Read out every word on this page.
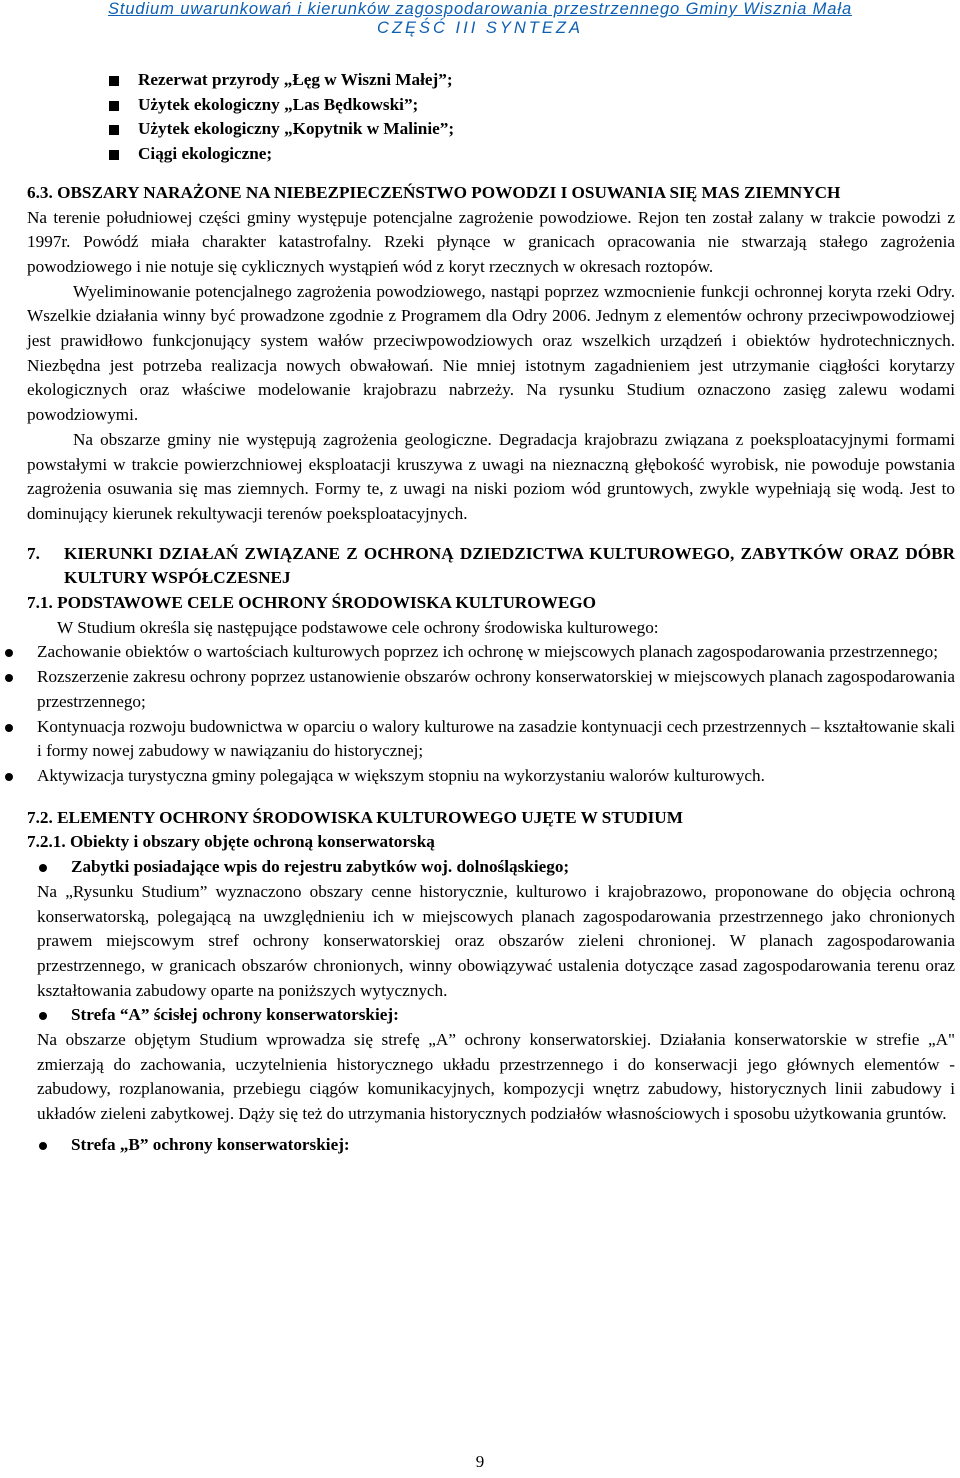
Studium uwarunkowań i kierunków zagospodarowania przestrzennego Gminy Wisznia Mała
CZĘŚĆ III SYNTEZA
Rezerwat przyrody „Łęg w Wiszni Małej”;
Użytek ekologiczny „Las Będkowski”;
Użytek ekologiczny „Kopytnik w Malinie”;
Ciągi ekologiczne;

6.3. OBSZARY NARAŻONE NA NIEBEZPIECZEŃSTWO POWODZI I OSUWANIA SIĘ MAS ZIEMNYCH

Na terenie południowej części gminy występuje potencjalne zagrożenie powodziowe. Rejon ten został zalany w trakcie powodzi z 1997r. Powódź miała charakter katastrofalny. Rzeki płynące w granicach opracowania nie stwarzają stałego zagrożenia powodziowego i nie notuje się cyklicznych wystąpień wód z koryt rzecznych w okresach roztopów.

Wyeliminowanie potencjalnego zagrożenia powodziowego, nastąpi poprzez wzmocnienie funkcji ochronnej koryta rzeki Odry. Wszelkie działania winny być prowadzone zgodnie z Programem dla Odry 2006. Jednym z elementów ochrony przeciwpowodziowej jest prawidłowo funkcjonujący system wałów przeciwpowodziowych oraz wszelkich urządzeń i obiektów hydrotechnicznych. Niezbędna jest potrzeba realizacja nowych obwałowań. Nie mniej istotnym zagadnieniem jest utrzymanie ciągłości korytarzy ekologicznych oraz właściwe modelowanie krajobrazu nabrzeży. Na rysunku Studium oznaczono zasięg zalewu wodami powodziowymi.

Na obszarze gminy nie występują zagrożenia geologiczne. Degradacja krajobrazu związana z poeksploatacyjnymi formami powstałymi w trakcie powierzchniowej eksploatacji kruszywa z uwagi na nieznaczną głębokość wyrobisk, nie powoduje powstania zagrożenia osuwania się mas ziemnych. Formy te, z uwagi na niski poziom wód gruntowych, zwykle wypełniają się wodą. Jest to dominujący kierunek rekultywacji terenów poeksploatacyjnych.

7.	KIERUNKI DZIAŁAŃ ZWIĄZANE Z OCHRONĄ DZIEDZICTWA KULTUROWEGO, ZABYTKÓW ORAZ DÓBR KULTURY WSPÓŁCZESNEJ

7.1. PODSTAWOWE CELE OCHRONY ŚRODOWISKA KULTUROWEGO

W Studium określa się następujące podstawowe cele ochrony środowiska kulturowego:

Zachowanie obiektów o wartościach kulturowych poprzez ich ochronę w miejscowych planach zagospodarowania przestrzennego;
Rozszerzenie zakresu ochrony poprzez ustanowienie obszarów ochrony konserwatorskiej w miejscowych planach zagospodarowania przestrzennego;
Kontynuacja rozwoju budownictwa w oparciu o walory kulturowe na zasadzie kontynuacji cech przestrzennych – kształtowanie skali i formy nowej zabudowy w nawiązaniu do historycznej;
Aktywizacja turystyczna gminy polegająca w większym stopniu na wykorzystaniu walorów kulturowych.

7.2. ELEMENTY OCHRONY ŚRODOWISKA KULTUROWEGO UJĘTE W STUDIUM

7.2.1. Obiekty i obszary objęte ochroną konserwatorską

Zabytki posiadające wpis do rejestru zabytków woj. dolnośląskiego;

Na „Rysunku Studium” wyznaczono obszary cenne historycznie, kulturowo i krajobrazowo, proponowane do objęcia ochroną konserwatorską, polegającą na uwzględnieniu ich w miejscowych planach zagospodarowania przestrzennego jako chronionych prawem miejscowym stref ochrony konserwatorskiej oraz obszarów zieleni chronionej. W planach zagospodarowania przestrzennego, w granicach obszarów chronionych, winny obowiązywać ustalenia dotyczące zasad zagospodarowania terenu oraz kształtowania zabudowy oparte na poniższych wytycznych.

Strefa “A” ścisłej ochrony konserwatorskiej:

Na obszarze objętym Studium wprowadza się strefę „A” ochrony konserwatorskiej. Działania konserwatorskie w strefie „A" zmierzają do zachowania, uczytelnienia historycznego układu przestrzennego i do konserwacji jego głównych elementów - zabudowy, rozplanowania, przebiegu ciągów komunikacyjnych, kompozycji wnętrz zabudowy, historycznych linii zabudowy i układów zieleni zabytkowej. Dąży się też do utrzymania historycznych podziałów własnościowych i sposobu użytkowania gruntów.

Strefa „B” ochrony konserwatorskiej:
9
